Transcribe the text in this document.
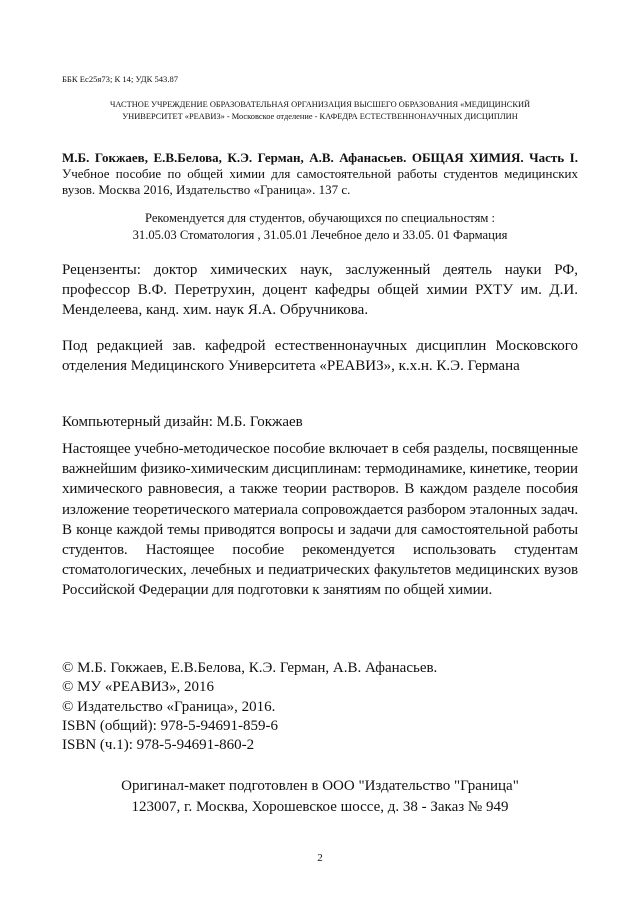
ББК Ес25я73; К 14; УДК 543.87
ЧАСТНОЕ УЧРЕЖДЕНИЕ ОБРАЗОВАТЕЛЬНАЯ ОРГАНИЗАЦИЯ ВЫСШЕГО ОБРАЗОВАНИЯ «МЕДИЦИНСКИЙ
УНИВЕРСИТЕТ «РЕАВИЗ» - Московское отделение - КАФЕДРА ЕСТЕСТВЕННОНАУЧНЫХ ДИСЦИПЛИН
М.Б. Гокжаев, Е.В.Белова, К.Э. Герман, А.В. Афанасьев. ОБЩАЯ ХИМИЯ. Часть I. Учебное пособие по общей химии для самостоятельной работы студентов медицинских вузов. Москва 2016, Издательство «Граница». 137 с.
Рекомендуется для студентов, обучающихся по специальностям :
31.05.03 Стоматология , 31.05.01 Лечебное дело и 33.05. 01 Фармация
Рецензенты: доктор химических наук, заслуженный деятель науки РФ, профессор В.Ф. Перетрухин, доцент кафедры общей химии РХТУ им. Д.И. Менделеева, канд. хим. наук Я.А. Обручникова.
Под редакцией зав. кафедрой естественнонаучных дисциплин Московского отделения Медицинского Университета «РЕАВИЗ», к.х.н. К.Э. Германа
Компьютерный дизайн: М.Б. Гокжаев
Настоящее учебно-методическое пособие включает в себя разделы, посвященные важнейшим физико-химическим дисциплинам: термодинамике, кинетике, теории химического равновесия, а также теории растворов. В каждом разделе пособия изложение теоретического материала сопровождается разбором эталонных задач. В конце каждой темы приводятся вопросы и задачи для самостоятельной работы студентов. Настоящее пособие рекомендуется использовать студентам стоматологических, лечебных и педиатрических факультетов медицинских вузов Российской Федерации для подготовки к занятиям по общей химии.
© М.Б. Гокжаев, Е.В.Белова, К.Э. Герман, А.В. Афанасьев.
© МУ «РЕАВИЗ», 2016
© Издательство «Граница», 2016.
ISBN (общий): 978-5-94691-859-6
ISBN (ч.1): 978-5-94691-860-2
Оригинал-макет подготовлен в ООО "Издательство "Граница"
123007, г. Москва, Хорошевское шоссе, д. 38 - Заказ № 949
2
